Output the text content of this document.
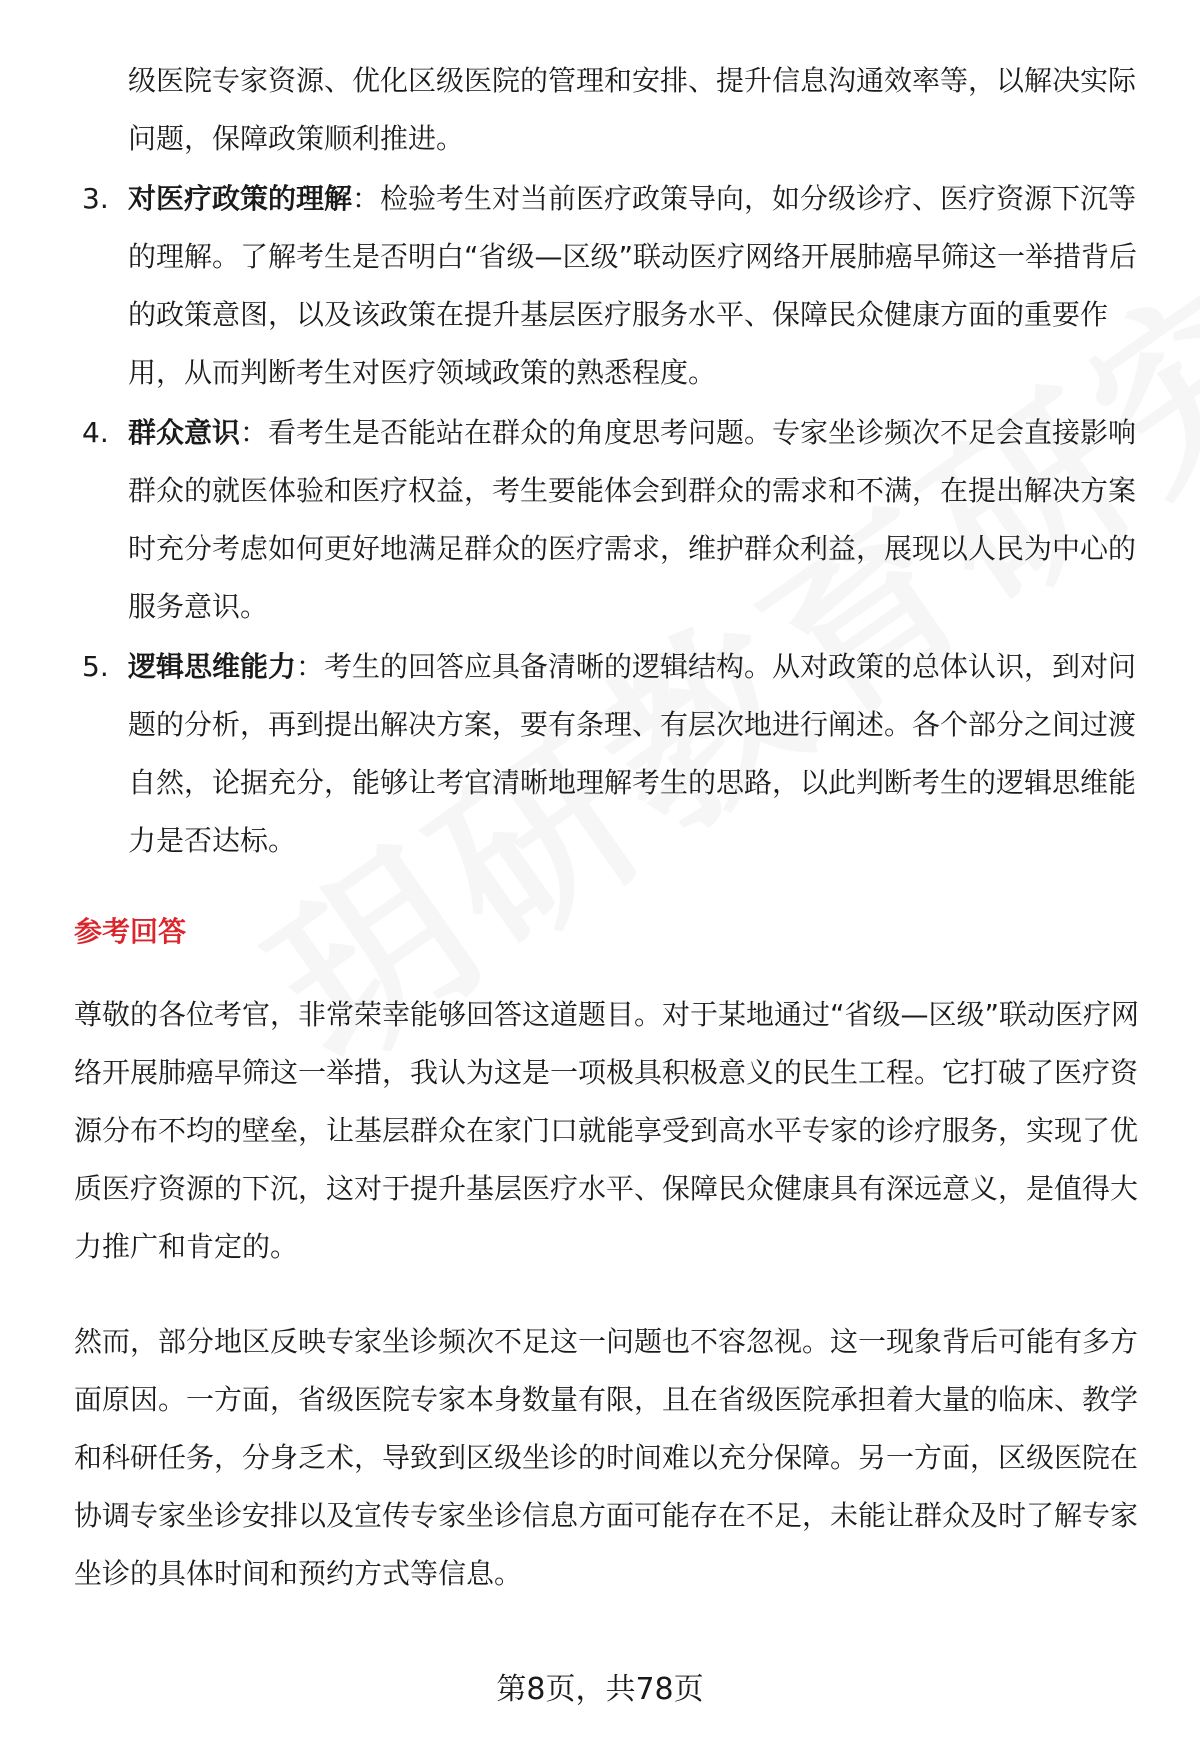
级医院专家资源、优化区级医院的管理和安排、提升信息沟通效率等，以解决实际问题，保障政策顺利推进。

3. 对医疗政策的理解：检验考生对当前医疗政策导向，如分级诊疗、医疗资源下沉等的理解。了解考生是否明白“省级—区级”联动医疗网络开展肺癌早筛这一举措背后的政策意图，以及该政策在提升基层医疗服务水平、保障民众健康方面的重要作用，从而判断考生对医疗领域政策的熟悉程度。
4. 群众意识：看考生是否能站在群众的角度思考问题。专家坐诊频次不足会直接影响群众的就医体验和医疗权益，考生要能体会到群众的需求和不满，在提出解决方案时充分考虑如何更好地满足群众的医疗需求，维护群众利益，展现以人民为中心的服务意识。
5. 逻辑思维能力：考生的回答应具备清晰的逻辑结构。从对政策的总体认识，到对问题的分析，再到提出解决方案，要有条理、有层次地进行阐述。各个部分之间过渡自然，论据充分，能够让考官清晰地理解考生的思路，以此判断考生的逻辑思维能力是否达标。
参考回答

尊敬的各位考官，非常荣幸能够回答这道题目。对于某地通过“省级—区级”联动医疗网络开展肺癌早筛这一举措，我认为这是一项极具积极意义的民生工程。它打破了医疗资源分布不均的壁垒，让基层群众在家门口就能享受到高水平专家的诊疗服务，实现了优质医疗资源的下沉，这对于提升基层医疗水平、保障民众健康具有深远意义，是值得大力推广和肯定的。

然而，部分地区反映专家坐诊频次不足这一问题也不容忽视。这一现象背后可能有多方面原因。一方面，省级医院专家本身数量有限，且在省级医院承担着大量的临床、教学和科研任务，分身乏术，导致到区级坐诊的时间难以充分保障。另一方面，区级医院在协调专家坐诊安排以及宣传专家坐诊信息方面可能存在不足，未能让群众及时了解专家坐诊的具体时间和预约方式等信息。

第8页，共78页
